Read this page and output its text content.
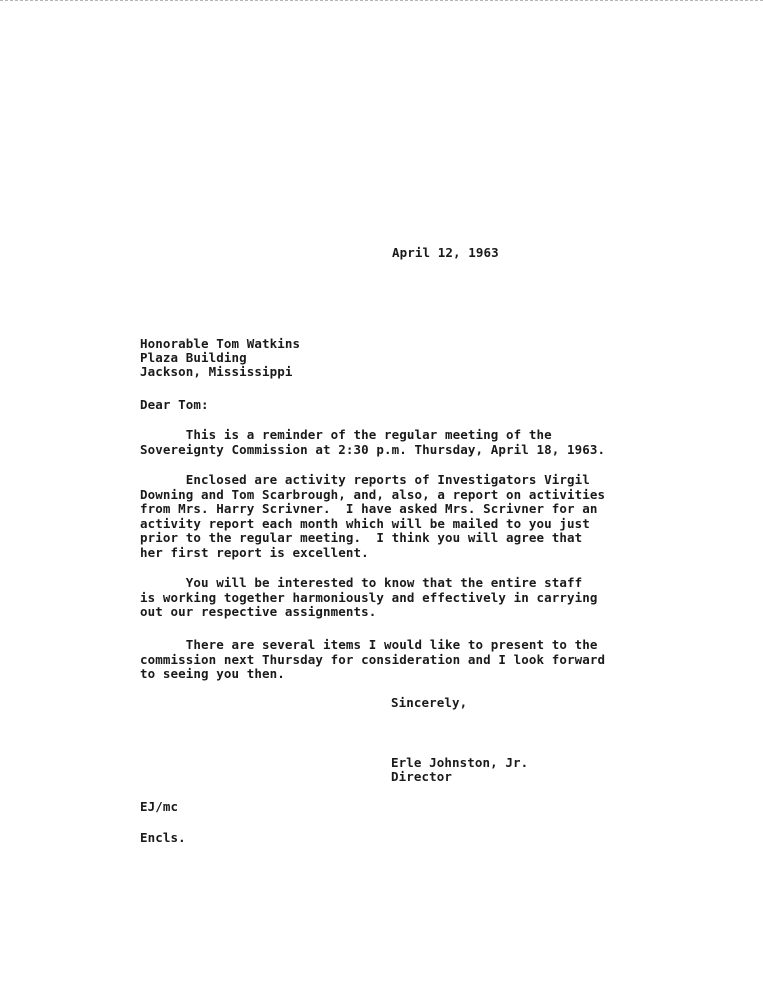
April 12, 1963
Honorable Tom Watkins
Plaza Building
Jackson, Mississippi
Dear Tom:
This is a reminder of the regular meeting of the
Sovereignty Commission at 2:30 p.m. Thursday, April 18, 1963.
Enclosed are activity reports of Investigators Virgil
Downing and Tom Scarbrough, and, also, a report on activities
from Mrs. Harry Scrivner.  I have asked Mrs. Scrivner for an
activity report each month which will be mailed to you just
prior to the regular meeting.  I think you will agree that
her first report is excellent.
You will be interested to know that the entire staff
is working together harmoniously and effectively in carrying
out our respective assignments.
There are several items I would like to present to the
commission next Thursday for consideration and I look forward
to seeing you then.
Sincerely,
Erle Johnston, Jr.
Director
EJ/mc
Encls.
